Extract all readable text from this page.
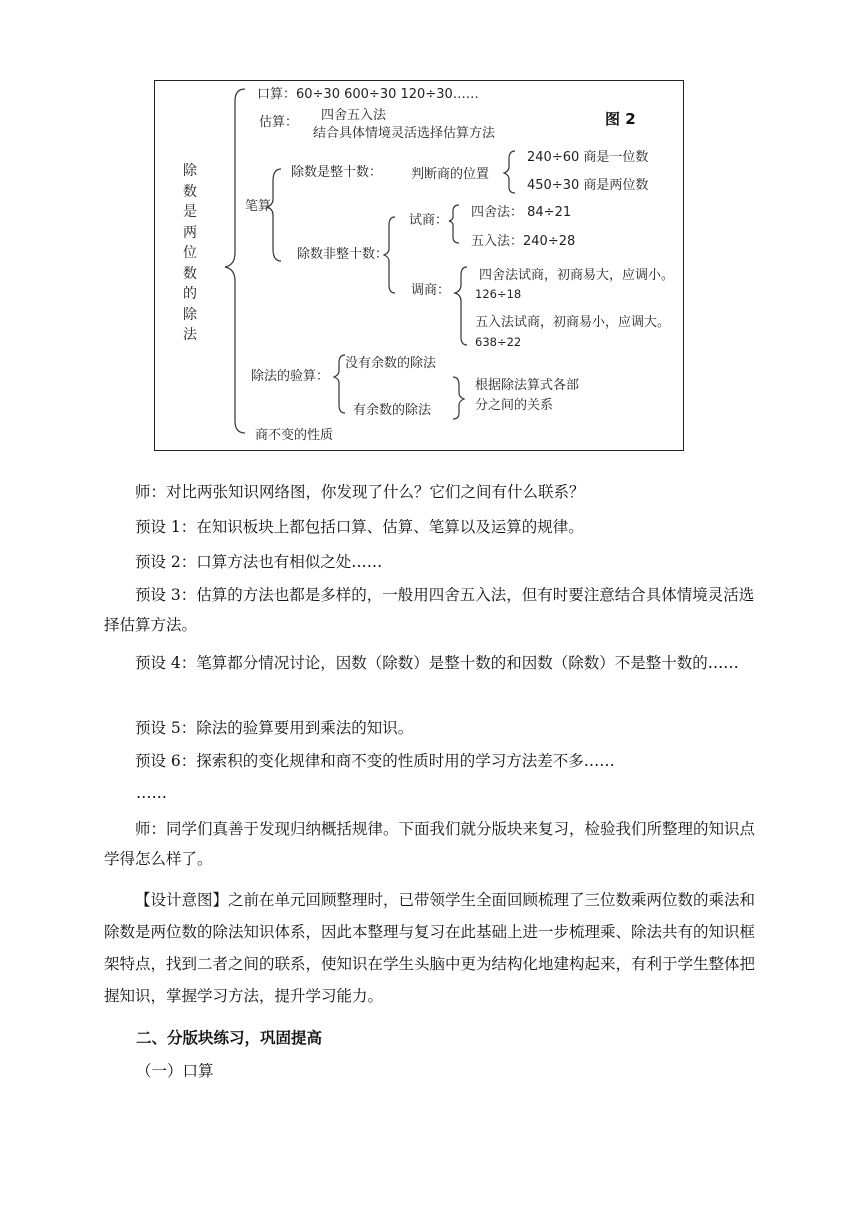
除数是两位数的除法
图 2
口算：60÷30 600÷30 120÷30……
估算： 四舍五入法
结合具体情境灵活选择估算方法
笔算
除数是整十数： 判断商的位置
240÷60 商是一位数
450÷30 商是两位数
除数非整十数：
试商：
四舍法： 84÷21
五入法：240÷28
调商：
四舍法试商，初商易大，应调小。
126÷18
五入法试商，初商易小，应调大。
638÷22
除法的验算：
没有余数的除法
有余数的除法
根据除法算式各部
分之间的关系
商不变的性质
师：对比两张知识网络图，你发现了什么？它们之间有什么联系？
预设 1：在知识板块上都包括口算、估算、笔算以及运算的规律。
预设 2：口算方法也有相似之处……
预设 3：估算的方法也都是多样的，一般用四舍五入法，但有时要注意结合具体情境灵活选择估算方法。
预设 4：笔算都分情况讨论，因数（除数）是整十数的和因数（除数）不是整十数的……
预设 5：除法的验算要用到乘法的知识。
预设 6：探索积的变化规律和商不变的性质时用的学习方法差不多……
……
师：同学们真善于发现归纳概括规律。下面我们就分版块来复习，检验我们所整理的知识点学得怎么样了。
【设计意图】之前在单元回顾整理时，已带领学生全面回顾梳理了三位数乘两位数的乘法和除数是两位数的除法知识体系，因此本整理与复习在此基础上进一步梳理乘、除法共有的知识框架特点，找到二者之间的联系，使知识在学生头脑中更为结构化地建构起来，有利于学生整体把握知识，掌握学习方法，提升学习能力。
二、分版块练习，巩固提高
（一）口算
